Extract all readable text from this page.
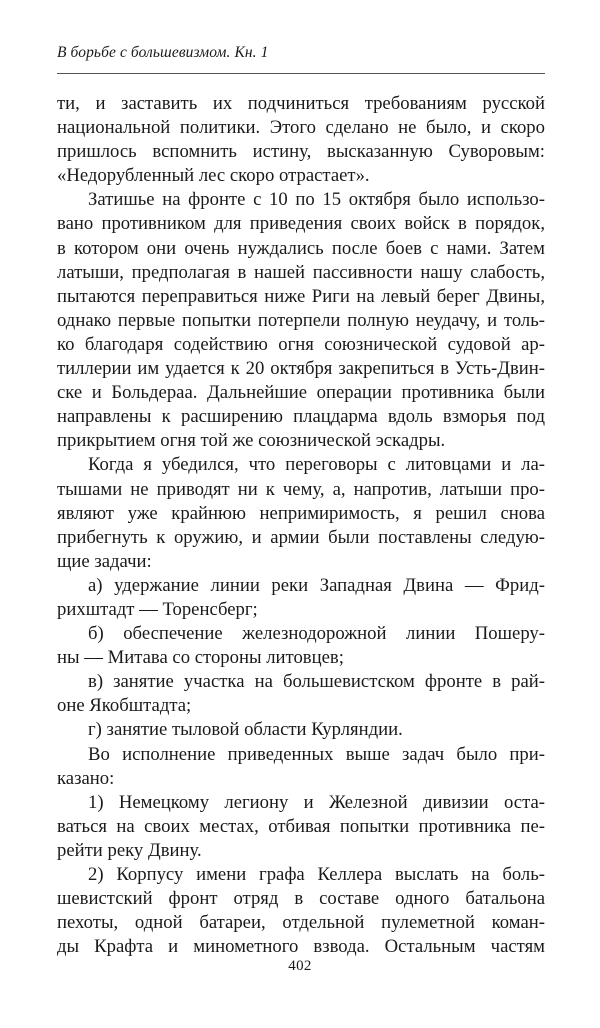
В борьбе с большевизмом. Кн. 1
ти, и заставить их подчиниться требованиям русской
национальной политики. Этого сделано не было, и скоро
пришлось вспомнить истину, высказанную Суворовым:
«Недорубленный лес скоро отрастает».
Затишье на фронте с 10 по 15 октября было использо-
вано противником для приведения своих войск в порядок,
в котором они очень нуждались после боев с нами. Затем
латыши, предполагая в нашей пассивности нашу слабость,
пытаются переправиться ниже Риги на левый берег Двины,
однако первые попытки потерпели полную неудачу, и толь-
ко благодаря содействию огня союзнической судовой ар-
тиллерии им удается к 20 октября закрепиться в Усть-Двин-
ске и Больдераа. Дальнейшие операции противника были
направлены к расширению плацдарма вдоль взморья под
прикрытием огня той же союзнической эскадры.
Когда я убедился, что переговоры с литовцами и ла-
тышами не приводят ни к чему, а, напротив, латыши про-
являют уже крайнюю непримиримость, я решил снова
прибегнуть к оружию, и армии были поставлены следую-
щие задачи:
а) удержание линии реки Западная Двина — Фрид-
рихштадт — Торенсберг;
б) обеспечение железнодорожной линии Пошеру-
ны — Митава со стороны литовцев;
в) занятие участка на большевистском фронте в рай-
оне Якобштадта;
г) занятие тыловой области Курляндии.
Во исполнение приведенных выше задач было при-
казано:
1) Немецкому легиону и Железной дивизии оста-
ваться на своих местах, отбивая попытки противника пе-
рейти реку Двину.
2) Корпусу имени графа Келлера выслать на боль-
шевистский фронт отряд в составе одного батальона
пехоты, одной батареи, отдельной пулеметной коман-
ды Крафта и минометного взвода. Остальным частям
402
